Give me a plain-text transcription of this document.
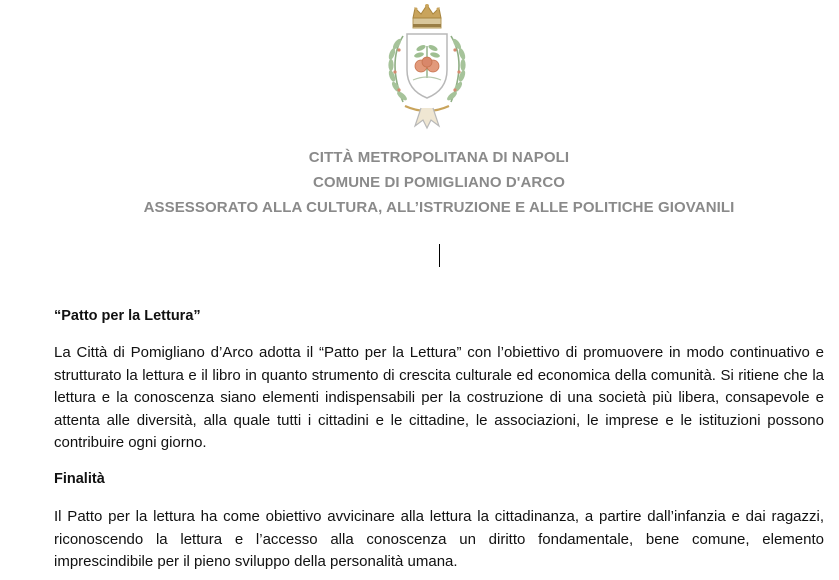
CITTÀ METROPOLITANA DI NAPOLI
COMUNE DI POMIGLIANO D'ARCO
ASSESSORATO ALLA CULTURA, ALL’ISTRUZIONE E ALLE POLITICHE GIOVANILI
“Patto per la Lettura”
La Città di Pomigliano d’Arco adotta il “Patto per la Lettura” con l’obiettivo di promuovere in modo continuativo e strutturato la lettura e il libro in quanto strumento di crescita culturale ed economica della comunità. Si ritiene che la lettura e la conoscenza siano elementi indispensabili per la costruzione di una società più libera, consapevole e attenta alle diversità, alla quale tutti i cittadini e le cittadine, le associazioni, le imprese e le istituzioni possono contribuire ogni giorno.
Finalità
Il Patto per la lettura ha come obiettivo avvicinare alla lettura la cittadinanza, a partire dall’infanzia e dai ragazzi, riconoscendo la lettura e l’accesso alla conoscenza un diritto fondamentale, bene comune, elemento imprescindibile per il pieno sviluppo della personalità umana.
